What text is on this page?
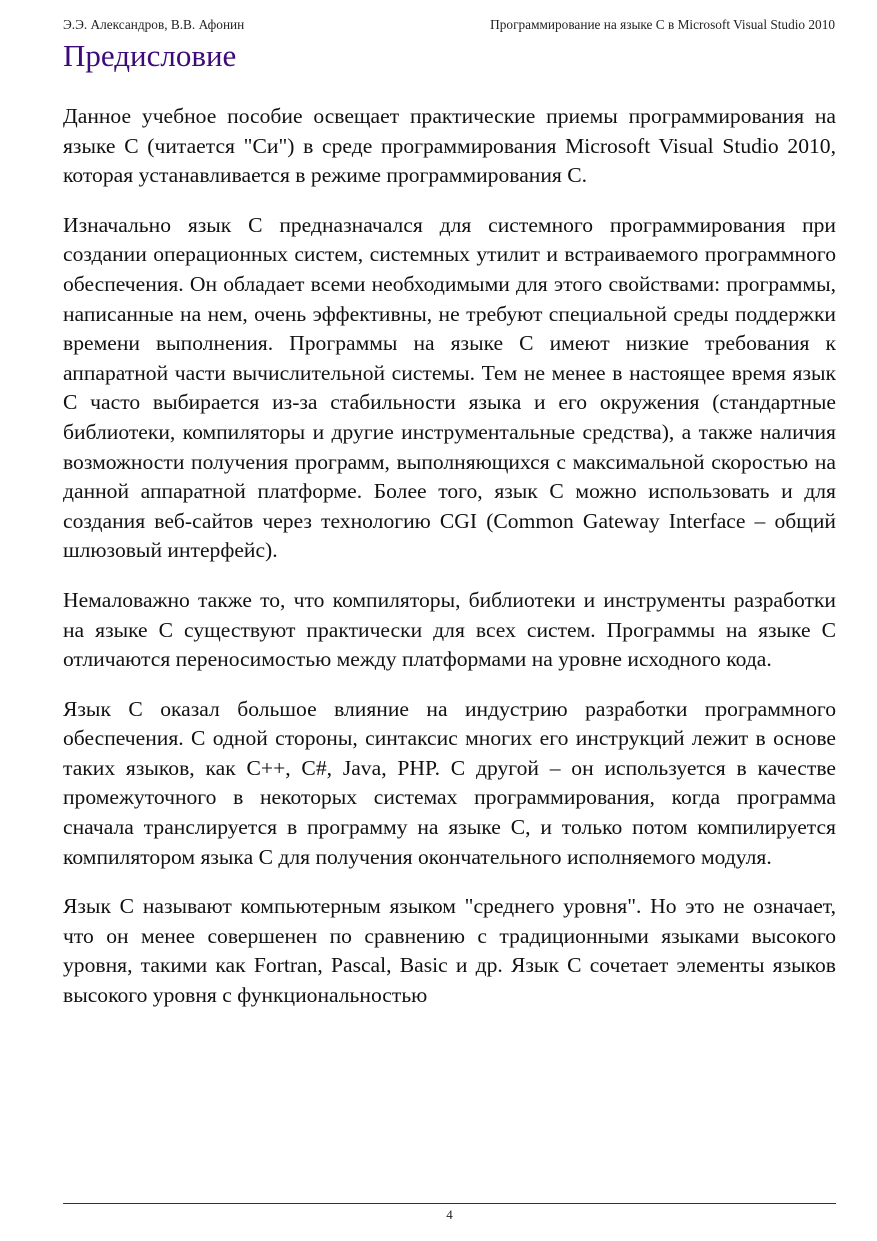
Э.Э. Александров, В.В. Афонин	Программирование на языке C в Microsoft Visual Studio 2010
Предисловие

Данное учебное пособие освещает практические приемы программирования на языке C (читается "Си") в среде программирования Microsoft Visual Studio 2010, которая устанавливается в режиме программирования C.

Изначально язык C предназначался для системного программирования при создании операционных систем, системных утилит и встраиваемого программного обеспечения. Он обладает всеми необходимыми для этого свойствами: программы, написанные на нем, очень эффективны, не требуют специальной среды поддержки времени выполнения. Программы на языке C имеют низкие требования к аппаратной части вычислительной системы. Тем не менее в настоящее время язык C часто выбирается из-за стабильности языка и его окружения (стандартные библиотеки, компиляторы и другие инструментальные средства), а также наличия возможности получения программ, выполняющихся с максимальной скоростью на данной аппаратной платформе. Более того, язык C можно использовать и для создания веб-сайтов через технологию CGI (Common Gateway Interface – общий шлюзовый интерфейс).

Немаловажно также то, что компиляторы, библиотеки и инструменты разработки на языке C существуют практически для всех систем. Программы на языке C отличаются переносимостью между платформами на уровне исходного кода.

Язык C оказал большое влияние на индустрию разработки программного обеспечения. С одной стороны, синтаксис многих его инструкций лежит в основе таких языков, как C++, C#, Java, PHP. С другой – он используется в качестве промежуточного в некоторых системах программирования, когда программа сначала транслируется в программу на языке C, и только потом компилируется компилятором языка C для получения окончательного исполняемого модуля.

Язык C называют компьютерным языком "среднего уровня". Но это не означает, что он менее совершенен по сравнению с традиционными языками высокого уровня, такими как Fortran, Pascal, Basic и др. Язык C сочетает элементы языков высокого уровня с функциональностью

4
